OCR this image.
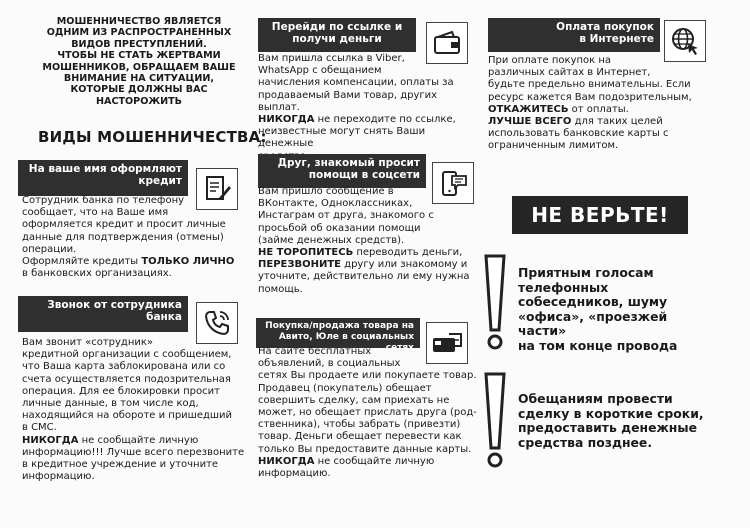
МОШЕННИЧЕСТВО ЯВЛЯЕТСЯ
ОДНИМ ИЗ РАСПРОСТРАНЕННЫХ
ВИДОВ ПРЕСТУПЛЕНИЙ.
ЧТОБЫ НЕ СТАТЬ ЖЕРТВАМИ
МОШЕННИКОВ, ОБРАЩАЕМ ВАШЕ
ВНИМАНИЕ НА СИТУАЦИИ,
КОТОРЫЕ ДОЛЖНЫ ВАС
НАСТОРОЖИТЬ
ВИДЫ МОШЕННИЧЕСТВА:
На ваше имя оформляют
кредит
Сотрудник банка по телефону
сообщает, что на Ваше имя
оформляется кредит и просит личные
данные для подтверждения (отмены)
операции.
Оформляйте кредиты ТОЛЬКО ЛИЧНО
в банковских организациях.
Звонок от сотрудника
банка
Вам звонит «сотрудник»
кредитной организации с сообщением,
что Ваша карта заблокирована или со
счета осуществляется подозрительная
операция. Для ее блокировки просит
личные данные, в том числе код,
находящийся на обороте и пришедший
в СМС.
НИКОГДА не сообщайте личную
информацию!!! Лучше всего перезвоните
в кредитное учреждение и уточните
информацию.
Перейди по ссылке и
получи деньги
Вам пришла ссылка в Viber,
WhatsApp с обещанием
начисления компенсации, оплаты за
продаваемый Вами товар, других выплат.
НИКОГДА не переходите по ссылке,
неизвестные могут снять Ваши денежные
Друг, знакомый просит
помощи в соцсети
Вам пришло сообщение в
ВКонтакте, Одноклассниках,
Инстаграм от друга, знакомого с
просьбой об оказании помощи
(займе денежных средств).
НЕ ТОРОПИТЕСЬ переводить деньги,
ПЕРЕЗВОНИТЕ другу или знакомому и
уточните, действительно ли ему нужна
помощь.
Покупка/продажа товара на
Авито, Юле в социальных сетях
На сайте бесплатных
объявлений, в социальных
сетях Вы продаете или покупаете товар.
Продавец (покупатель) обещает
совершить сделку, сам приехать не
может, но обещает прислать друга (род-
ственника), чтобы забрать (привезти)
товар. Деньги обещает перевести как
только Вы предоставите данные карты.
НИКОГДА не сообщайте личную
информацию.
Оплата покупок
в Интернете
При оплате покупок на
различных сайтах в Интернет,
будьте предельно внимательны. Если
ресурс кажется Вам подозрительным,
ОТКАЖИТЕСЬ от оплаты.
ЛУЧШЕ ВСЕГО для таких целей
использовать банковские карты с
ограниченным лимитом.
НЕ ВЕРЬТЕ!
Приятным голосам
телефонных
собеседников, шуму
«офиса», «проезжей части»
на том конце провода
Обещаниям провести
сделку в короткие сроки,
предоставить денежные
средства позднее.
